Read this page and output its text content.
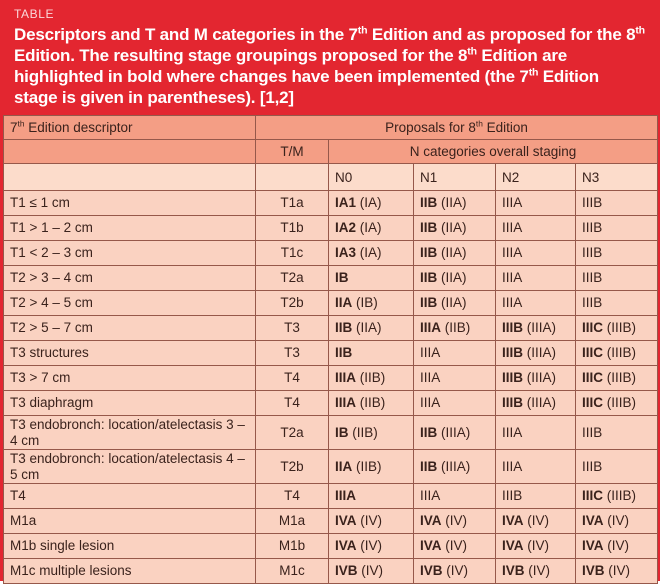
TABLE
Descriptors and T and M categories in the 7th Edition and as proposed for the 8th Edition. The resulting stage groupings proposed for the 8th Edition are highlighted in bold where changes have been implemented (the 7th Edition stage is given in parentheses). [1,2]
7th Edition descriptor	Proposals for 8th Edition				
	T/M	N categories overall staging			
		N0	N1	N2	N3
T1 ≤ 1 cm	T1a	IA1 (IA)	IIB (IIA)	IIIA	IIIB
T1 > 1 – 2 cm	T1b	IA2 (IA)	IIB (IIA)	IIIA	IIIB
T1 < 2 – 3 cm	T1c	IA3 (IA)	IIB (IIA)	IIIA	IIIB
T2 > 3 – 4 cm	T2a	IB	IIB (IIA)	IIIA	IIIB
T2 > 4 – 5 cm	T2b	IIA (IB)	IIB (IIA)	IIIA	IIIB
T2 > 5 – 7 cm	T3	IIB (IIA)	IIIA (IIB)	IIIB (IIIA)	IIIC (IIIB)
T3 structures	T3	IIB	IIIA	IIIB (IIIA)	IIIC (IIIB)
T3 > 7 cm	T4	IIIA (IIB)	IIIA	IIIB (IIIA)	IIIC (IIIB)
T3 diaphragm	T4	IIIA (IIB)	IIIA	IIIB (IIIA)	IIIC (IIIB)
T3 endobronch: location/atelectasis 3 – 4 cm	T2a	IB (IIB)	IIB (IIIA)	IIIA	IIIB
T3 endobronch: location/atelectasis 4 – 5 cm	T2b	IIA (IIB)	IIB (IIIA)	IIIA	IIIB
T4	T4	IIIA	IIIA	IIIB	IIIC (IIIB)
M1a	M1a	IVA (IV)	IVA (IV)	IVA (IV)	IVA (IV)
M1b single lesion	M1b	IVA (IV)	IVA (IV)	IVA (IV)	IVA (IV)
M1c multiple lesions	M1c	IVB (IV)	IVB (IV)	IVB (IV)	IVB (IV)
